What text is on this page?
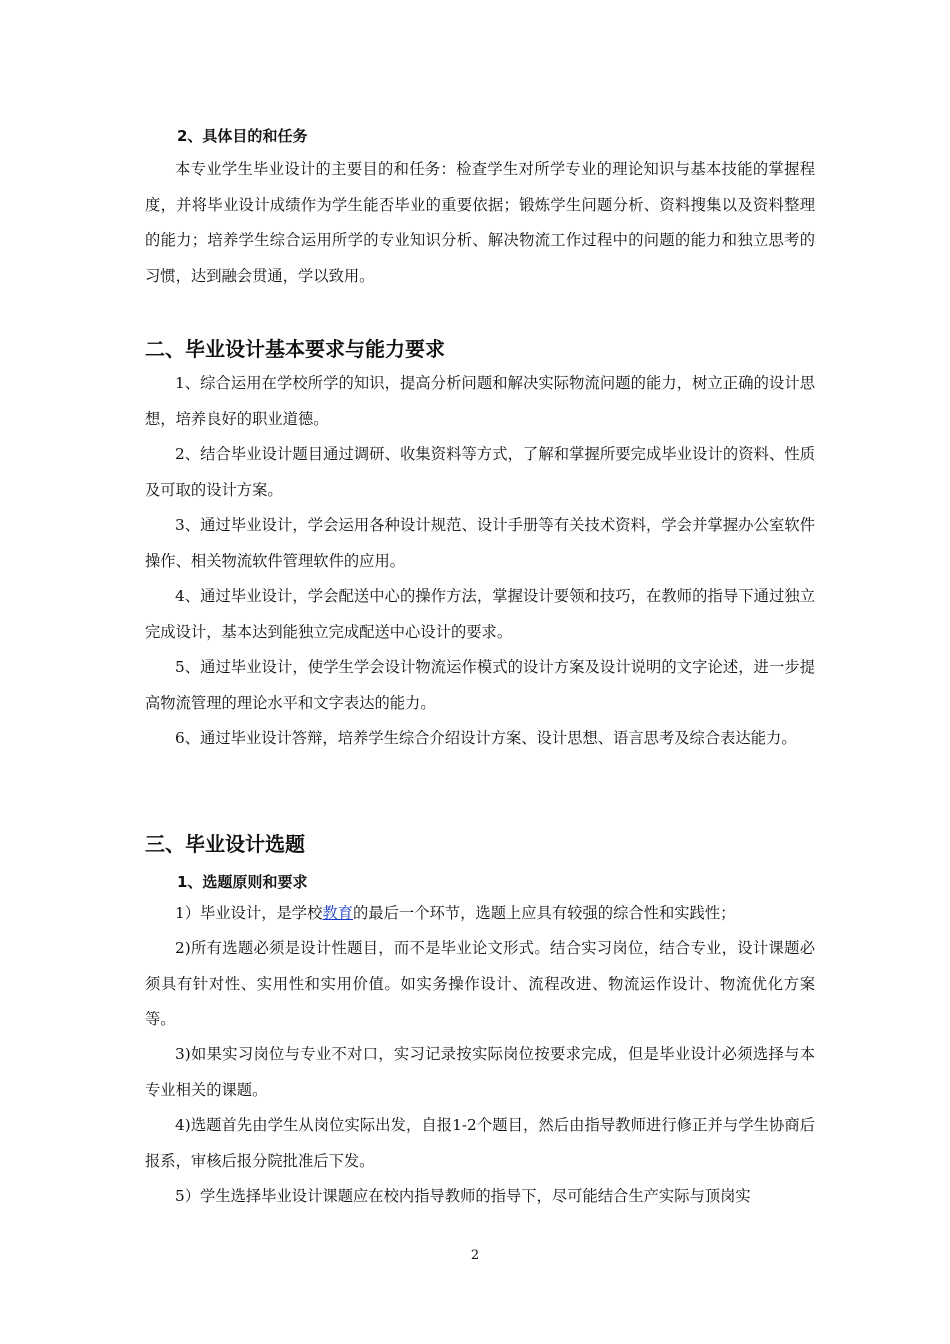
2、具体目的和任务

本专业学生毕业设计的主要目的和任务：检查学生对所学专业的理论知识与基本技能的掌握程度，并将毕业设计成绩作为学生能否毕业的重要依据；锻炼学生问题分析、资料搜集以及资料整理的能力；培养学生综合运用所学的专业知识分析、解决物流工作过程中的问题的能力和独立思考的习惯，达到融会贯通，学以致用。

二、毕业设计基本要求与能力要求

1、综合运用在学校所学的知识，提高分析问题和解决实际物流问题的能力，树立正确的设计思想，培养良好的职业道德。

2、结合毕业设计题目通过调研、收集资料等方式，了解和掌握所要完成毕业设计的资料、性质及可取的设计方案。

3、通过毕业设计，学会运用各种设计规范、设计手册等有关技术资料，学会并掌握办公室软件操作、相关物流软件管理软件的应用。

4、通过毕业设计，学会配送中心的操作方法，掌握设计要领和技巧，在教师的指导下通过独立完成设计，基本达到能独立完成配送中心设计的要求。

5、通过毕业设计，使学生学会设计物流运作模式的设计方案及设计说明的文字论述，进一步提高物流管理的理论水平和文字表达的能力。

6、通过毕业设计答辩，培养学生综合介绍设计方案、设计思想、语言思考及综合表达能力。

三、毕业设计选题
1、选题原则和要求

1）毕业设计，是学校教育的最后一个环节，选题上应具有较强的综合性和实践性；

2)所有选题必须是设计性题目，而不是毕业论文形式。结合实习岗位，结合专业，设计课题必须具有针对性、实用性和实用价值。如实务操作设计、流程改进、物流运作设计、物流优化方案等。

3)如果实习岗位与专业不对口，实习记录按实际岗位按要求完成，但是毕业设计必须选择与本专业相关的课题。

4)选题首先由学生从岗位实际出发，自报1-2个题目，然后由指导教师进行修正并与学生协商后报系，审核后报分院批准后下发。

5）学生选择毕业设计课题应在校内指导教师的指导下，尽可能结合生产实际与顶岗实

2
